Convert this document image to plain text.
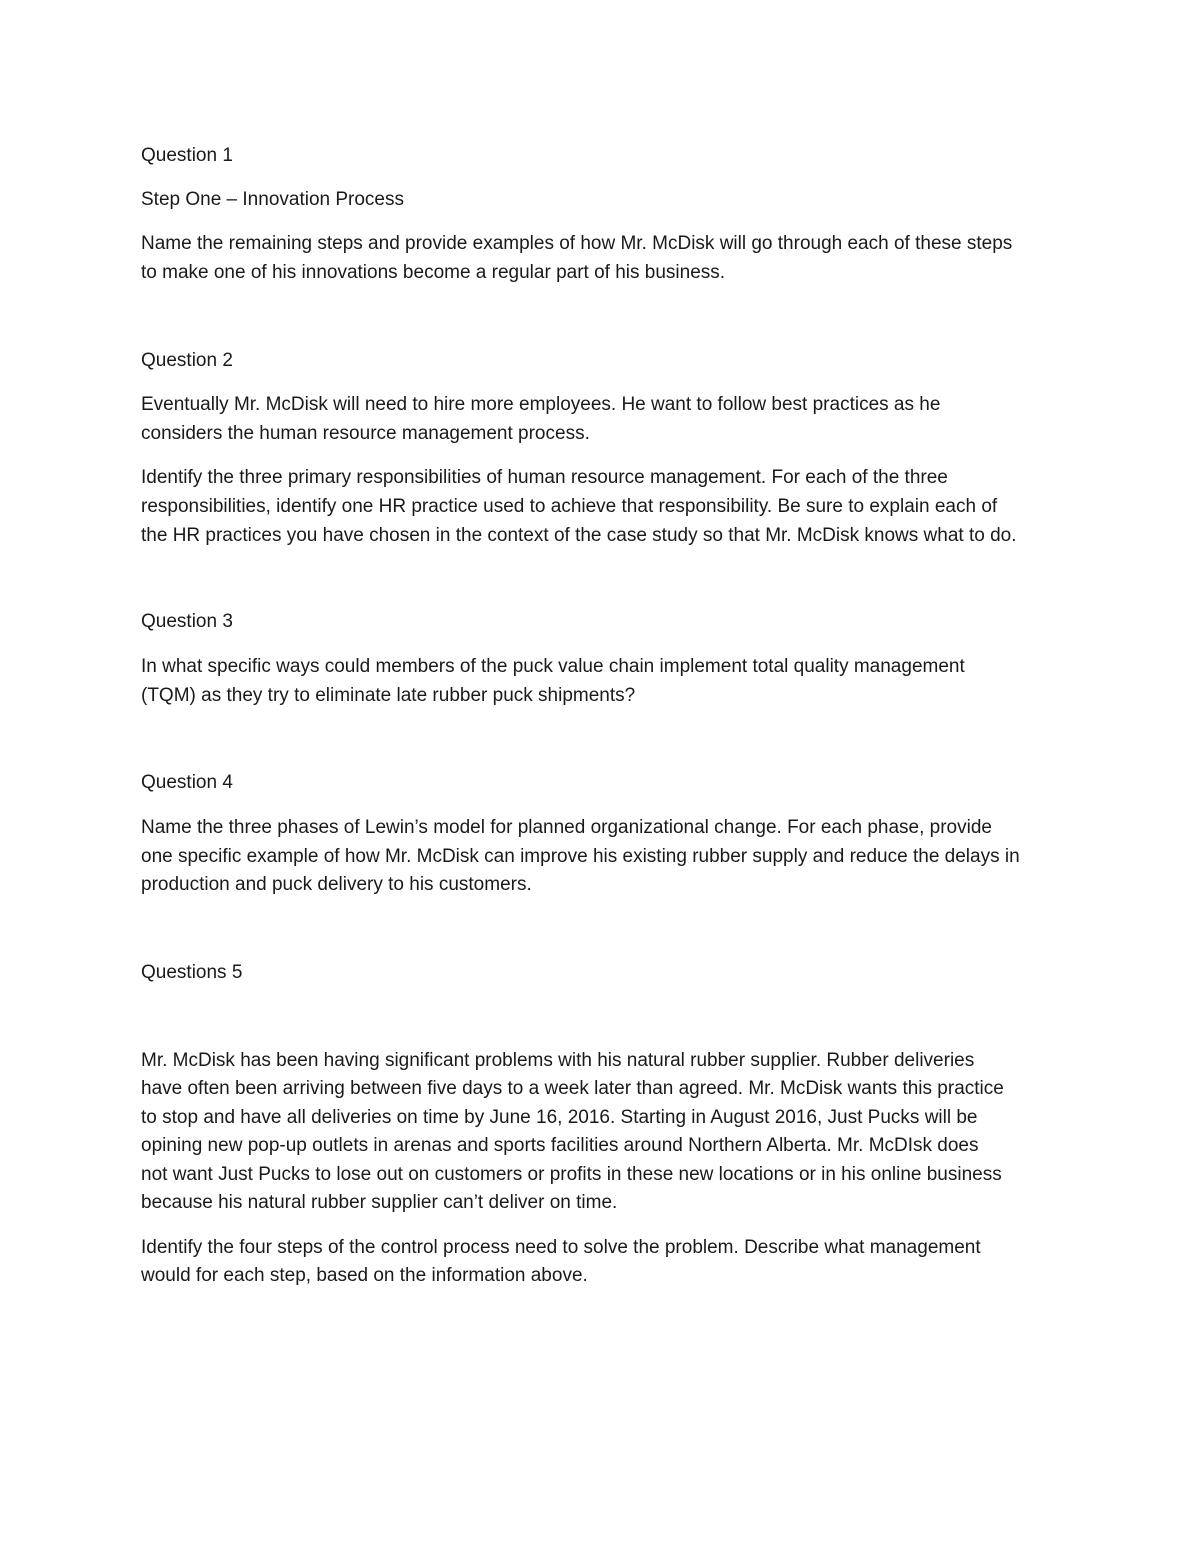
Question 1
Step One – Innovation Process
Name the remaining steps and provide examples of how Mr. McDisk will go through each of these steps
to make one of his innovations become a regular part of his business.
Question 2
Eventually Mr. McDisk will need to hire more employees. He want to follow best practices as he
considers the human resource management process.
Identify the three primary responsibilities of human resource management. For each of the three
responsibilities, identify one HR practice used to achieve that responsibility. Be sure to explain each of
the HR practices you have chosen in the context of the case study so that Mr. McDisk knows what to do.
Question 3
In what specific ways could members of the puck value chain implement total quality management
(TQM) as they try to eliminate late rubber puck shipments?
Question 4
Name the three phases of Lewin’s model for planned organizational change. For each phase, provide
one specific example of how Mr. McDisk can improve his existing rubber supply and reduce the delays in
production and puck delivery to his customers.
Questions 5
Mr. McDisk has been having significant problems with his natural rubber supplier. Rubber deliveries
have often been arriving between five days to a week later than agreed. Mr. McDisk wants this practice
to stop and have all deliveries on time by June 16, 2016. Starting in August 2016, Just Pucks will be
opining new pop-up outlets in arenas and sports facilities around Northern Alberta. Mr. McDIsk does
not want Just Pucks to lose out on customers or profits in these new locations or in his online business
because his natural rubber supplier can’t deliver on time.
Identify the four steps of the control process need to solve the problem. Describe what management
would for each step, based on the information above.
